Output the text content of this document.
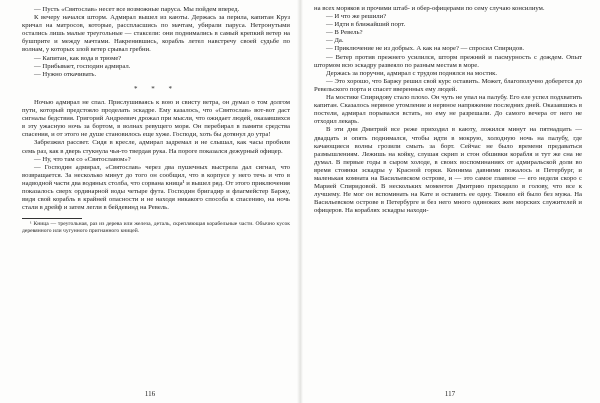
— Пусть «Святослав» несет все возможные паруса. Мы пойдем вперед.

К вечеру начался шторм. Адмирал вышел из каюты. Держась за перила, капитан Круз кричал на матросов, которые, расспласшись по мачтам, убирали паруса. Нетронутыми остались лишь малые треугольные — стаксели: они поднимались в самый крепкий ветер на бушприте и между мачтами. Накренившись, корабль летел навстречу своей судьбе по волнам, у которых злой ветер срывал гребни.

— Капитан, как вода в трюме?

— Прибывает, господин адмирал.

— Нужно откачивать.

* * *

Ночью адмирал не спал. Прислушиваясь к вою и свисту ветра, он думал о том долгом пути, который предстояло проделать эскадре. Ему казалось, что «Святослав» вот-вот даст сигналы бедствия. Григорий Андреевич дрожал при мысли, что ожидает людей, оказавшихся в эту ужасную ночь за бортом, в волнах ревущего моря. Он перебирал в памяти средства спасения, и от этого не душе становилось еще хуже. Господи, хоть бы дотянул до утра!

Забрезжил рассвет. Сидя в кресле, адмирал задремал и не слышал, как часы пробили семь раз, как в дверь стукнула чья-то твердая рука. На пороге показался дежурный офицер.

— Ну, что там со «Святославом»?

— Господин адмирал, «Святослав» через два пушечных выстрела дал сигнал, что возвращается. За несколько минут до того он сообщил, что в корпусе у него течь и что в надводной части два водяных столба, что сорвана кница¹ и вышел ряд. От этого приключения показалось сверх ординарной воды четыре фута. Господин бригадир и флагмейстер Баржу, видя свой корабль в крайней опасности и не находя никакого способа к спасению, на ночь стали в дрейф и затем легли в бейдевинд на Ревель.

¹ Кница — треугольная, раз из дерева или железа, деталь, скрепляющая корабельные части. Обычно кусок деревянного или чугунного пригнанного кницей.

116

на всех моряков и прочими штаб- и обер-офицерами по сему случаю консилиум.

— И что же решили?

— Идти в ближайший порт.

— В Ревель?

— Да.

— Приключение не из добрых. А как на море? — спросил Спиридов.

— Ветер против прежнего усилился, шторм прежний и пасмурность с дождем. Опыт штормом всю эскадру развеяло по разным местам в море.

Держась за поручни, адмирал с трудом поднялся на мостик.

— Это хорошо, что Баржу решил свой курс оставить. Может, благополучно доберется до Ревельского порта и спасет вверенных ему людей.

На мостике Спиридову стало плохо. Он чуть не упал на палубу. Его еле успел подхватить капитан. Сказалось нервное утомление и нервное напряжение последних дней. Оказавшись в постели, адмирал порывался встать, но ему не разрешали. До самого вечера от него не отходил лекарь.

В эти дни Дмитрий все реже приходил в каюту, ложился минут на пятнадцать — двадцать и опять поднимался, чтобы идти в мокрую, холодную ночь на палубу, где качающиеся волны грозили смыть за борт. Сейчас не было времени предаваться размышлениям. Лежишь на койку, слушая скрип и стон обшивки корабля и тут же сна не думал. В первые годы в сыром холоде, в своих воспоминаниях от адмиральской доли во время стоянки эскадры у Красной горки. Кеннима давними пожалось и Петербург, и маленькая комната на Васильевском острове, и — это самое главное — его неделя скоро с Марией Спиридовой. В нескольких моментов Дмитрию приходило в голову, что все к лучшему. Не мог он вспоминать на Кате и оставить ее одну. Тяжело ей было без мужа. На Васильевском острове в Петербурге и без него много одиноких жен морских служителей и офицеров. На кораблях эскадры находи-

117
